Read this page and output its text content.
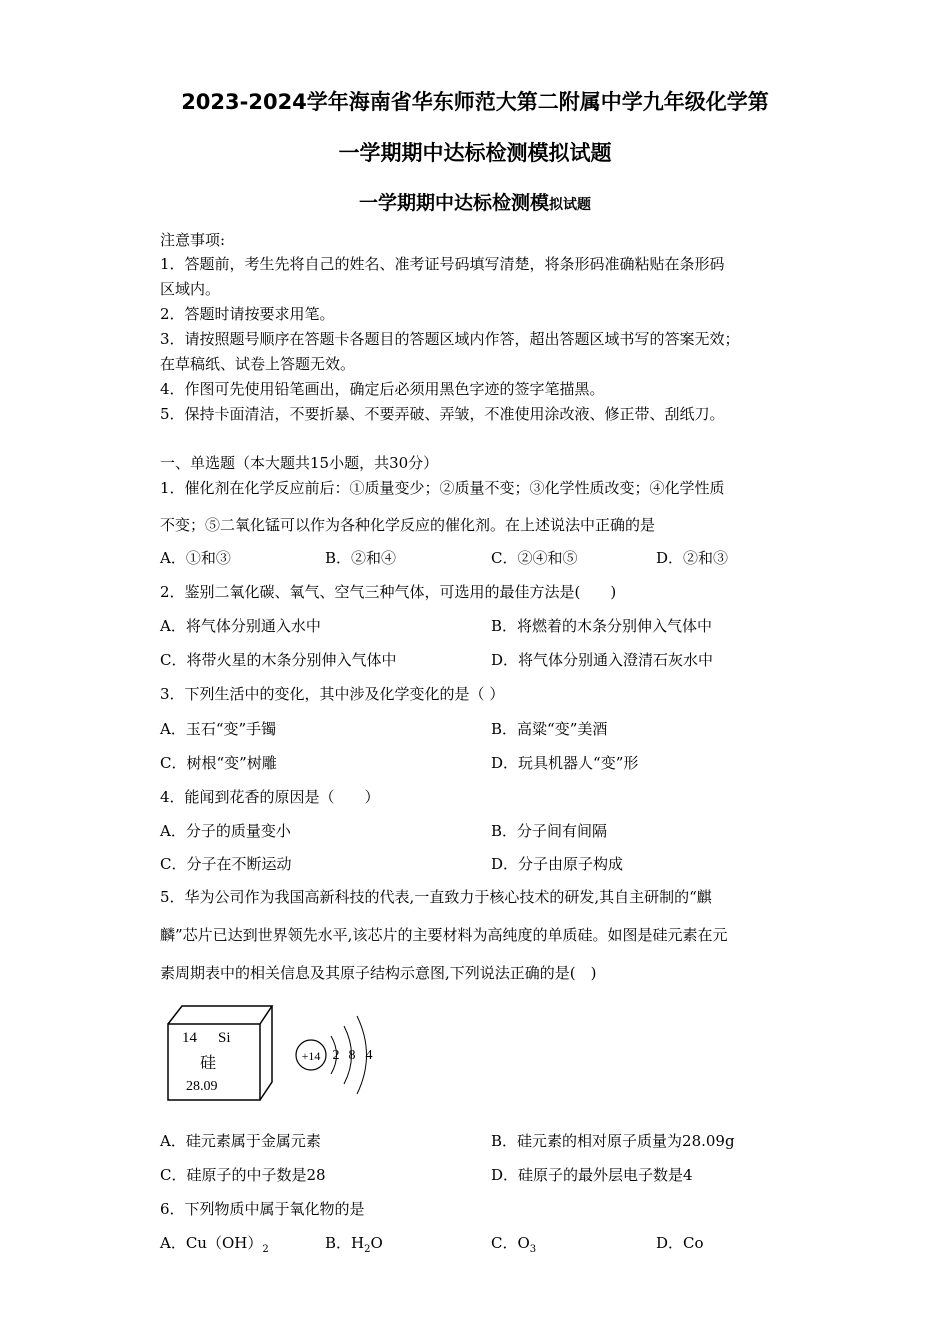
2023-2024学年海南省华东师范大第二附属中学九年级化学第
一学期期中达标检测模拟试题
一学期期中达标检测模拟试题
注意事项:
1．答题前，考生先将自己的姓名、准考证号码填写清楚，将条形码准确粘贴在条形码
区域内。
2．答题时请按要求用笔。
3．请按照题号顺序在答题卡各题目的答题区域内作答，超出答题区域书写的答案无效；
在草稿纸、试卷上答题无效。
4．作图可先使用铅笔画出，确定后必须用黑色字迹的签字笔描黑。
5．保持卡面清洁，不要折暴、不要弄破、弄皱，不准使用涂改液、修正带、刮纸刀。
一、单选题（本大题共15小题，共30分）
1．催化剂在化学反应前后：①质量变少；②质量不变；③化学性质改变；④化学性质
不变；⑤二氧化锰可以作为各种化学反应的催化剂。在上述说法中正确的是
A．①和③	B．②和④	C．②④和⑤	D．②和③
2．鉴别二氧化碳、氧气、空气三种气体，可选用的最佳方法是(　　)
A．将气体分别通入水中	B．将燃着的木条分别伸入气体中
C．将带火星的木条分别伸入气体中	D．将气体分别通入澄清石灰水中
3．下列生活中的变化，其中涉及化学变化的是（ ）
A．玉石“变”手镯	B．高粱“变”美酒
C．树根“变”树雕	D．玩具机器人“变”形
4．能闻到花香的原因是（　　）
A．分子的质量变小	B．分子间有间隔
C．分子在不断运动	D．分子由原子构成
5．华为公司作为我国高新科技的代表,一直致力于核心技术的研发,其自主研制的“麒
麟”芯片已达到世界领先水平,该芯片的主要材料为高纯度的单质硅。如图是硅元素在元
素周期表中的相关信息及其原子结构示意图,下列说法正确的是(　)
14 Si
硅
28.09
+14 2 8 4
A．硅元素属于金属元素	B．硅元素的相对原子质量为28.09g
C．硅原子的中子数是28	D．硅原子的最外层电子数是4
6．下列物质中属于氧化物的是
A．$Cu(OH)_2$	B．$H_2O$	C．$O_3$	D．Co
